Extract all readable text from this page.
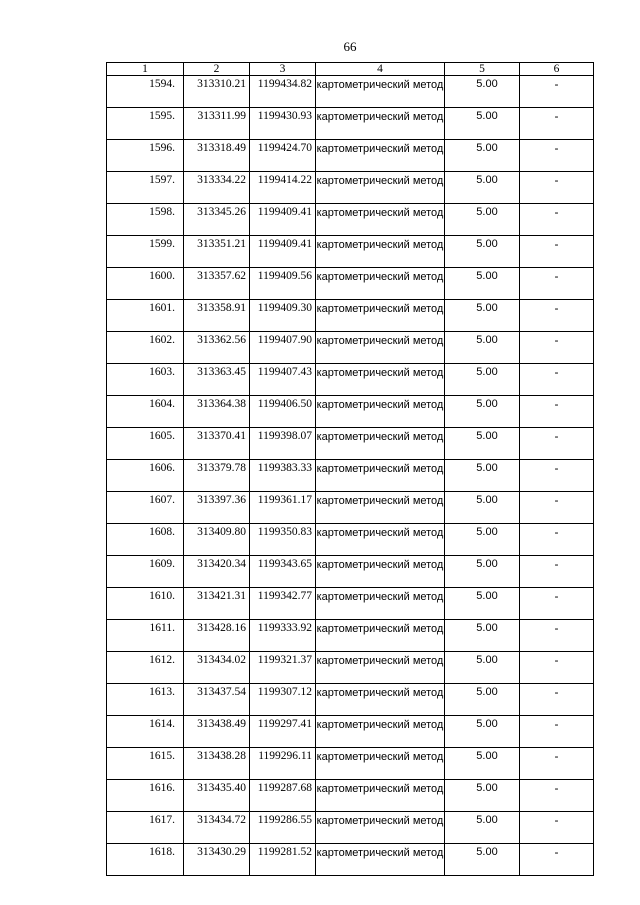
66
1	2	3	4	5	6
1594.	313310.21	1199434.82	картометрический метод	5.00	-
1595.	313311.99	1199430.93	картометрический метод	5.00	-
1596.	313318.49	1199424.70	картометрический метод	5.00	-
1597.	313334.22	1199414.22	картометрический метод	5.00	-
1598.	313345.26	1199409.41	картометрический метод	5.00	-
1599.	313351.21	1199409.41	картометрический метод	5.00	-
1600.	313357.62	1199409.56	картометрический метод	5.00	-
1601.	313358.91	1199409.30	картометрический метод	5.00	-
1602.	313362.56	1199407.90	картометрический метод	5.00	-
1603.	313363.45	1199407.43	картометрический метод	5.00	-
1604.	313364.38	1199406.50	картометрический метод	5.00	-
1605.	313370.41	1199398.07	картометрический метод	5.00	-
1606.	313379.78	1199383.33	картометрический метод	5.00	-
1607.	313397.36	1199361.17	картометрический метод	5.00	-
1608.	313409.80	1199350.83	картометрический метод	5.00	-
1609.	313420.34	1199343.65	картометрический метод	5.00	-
1610.	313421.31	1199342.77	картометрический метод	5.00	-
1611.	313428.16	1199333.92	картометрический метод	5.00	-
1612.	313434.02	1199321.37	картометрический метод	5.00	-
1613.	313437.54	1199307.12	картометрический метод	5.00	-
1614.	313438.49	1199297.41	картометрический метод	5.00	-
1615.	313438.28	1199296.11	картометрический метод	5.00	-
1616.	313435.40	1199287.68	картометрический метод	5.00	-
1617.	313434.72	1199286.55	картометрический метод	5.00	-
1618.	313430.29	1199281.52	картометрический метод	5.00	-
